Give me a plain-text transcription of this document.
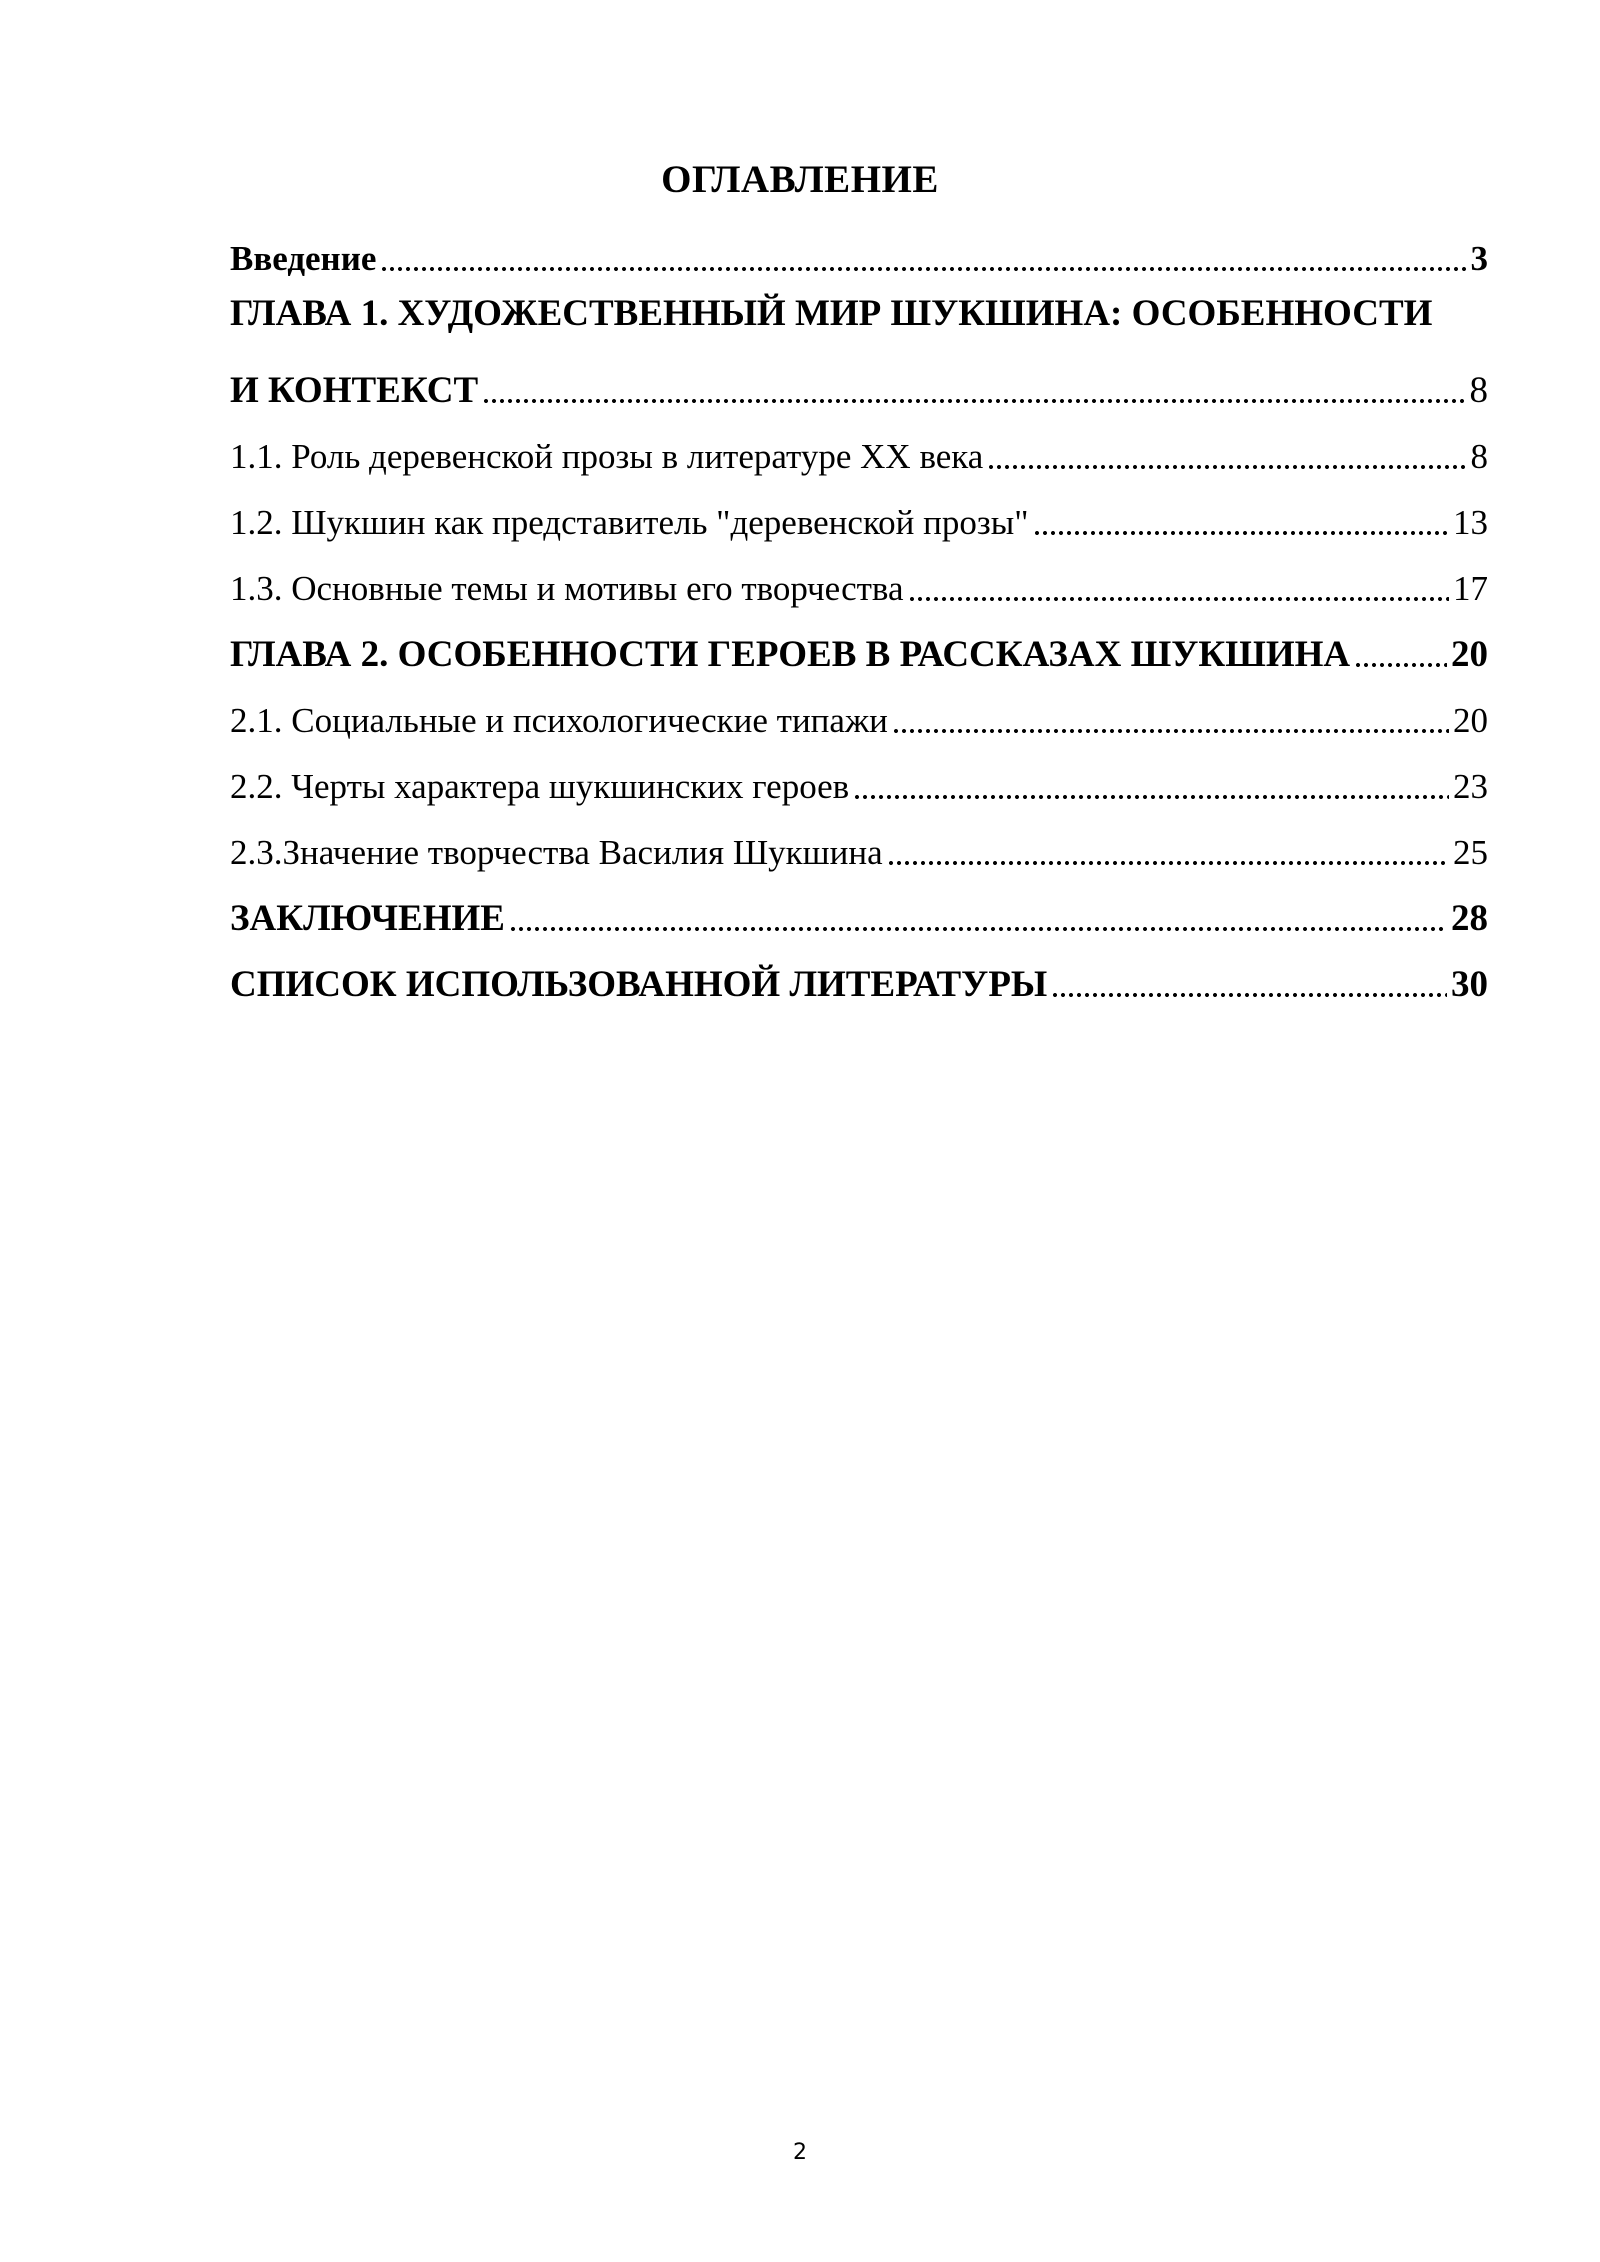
ОГЛАВЛЕНИЕ
Введение	3
ГЛАВА 1. ХУДОЖЕСТВЕННЫЙ МИР ШУКШИНА: ОСОБЕННОСТИ
И КОНТЕКСТ	8
1.1. Роль деревенской прозы в литературе XX века	8
1.2. Шукшин как представитель "деревенской прозы"	13
1.3. Основные темы и мотивы его творчества	17
ГЛАВА 2. ОСОБЕННОСТИ ГЕРОЕВ В РАССКАЗАХ ШУКШИНА	20
2.1. Социальные и психологические типажи	20
2.2. Черты характера шукшинских героев	23
2.3.Значение творчества Василия Шукшина	25
ЗАКЛЮЧЕНИЕ	28
СПИСОК ИСПОЛЬЗОВАННОЙ ЛИТЕРАТУРЫ	30
2
